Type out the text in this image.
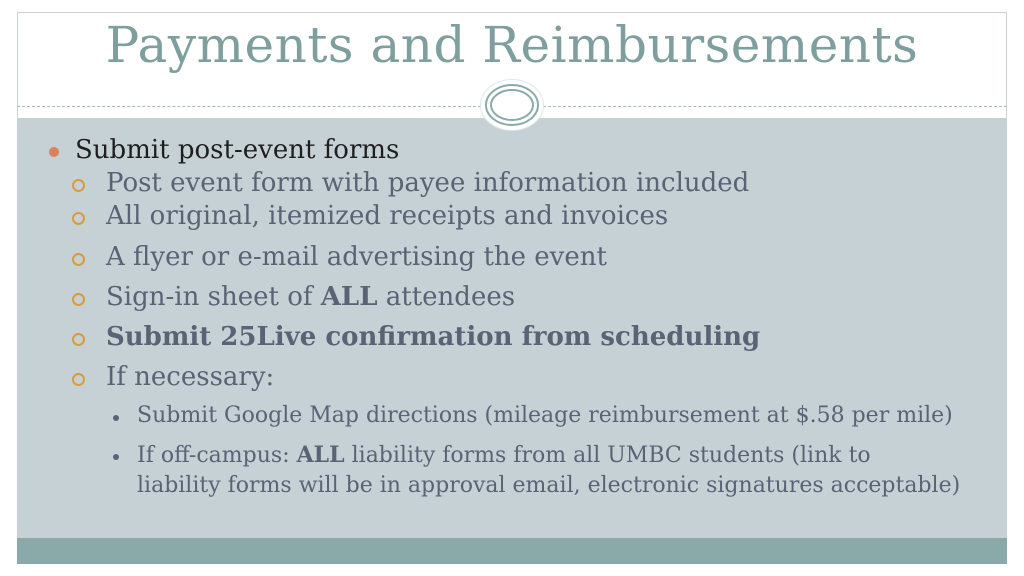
Payments and Reimbursements
Submit post-event forms
Post event form with payee information included
All original, itemized receipts and invoices
A flyer or e-mail advertising the event
Sign-in sheet of ALL attendees
Submit 25Live confirmation from scheduling
If necessary:
Submit Google Map directions (mileage reimbursement at $.58 per mile)
If off-campus: ALL liability forms from all UMBC students (link to
liability forms will be in approval email, electronic signatures acceptable)
